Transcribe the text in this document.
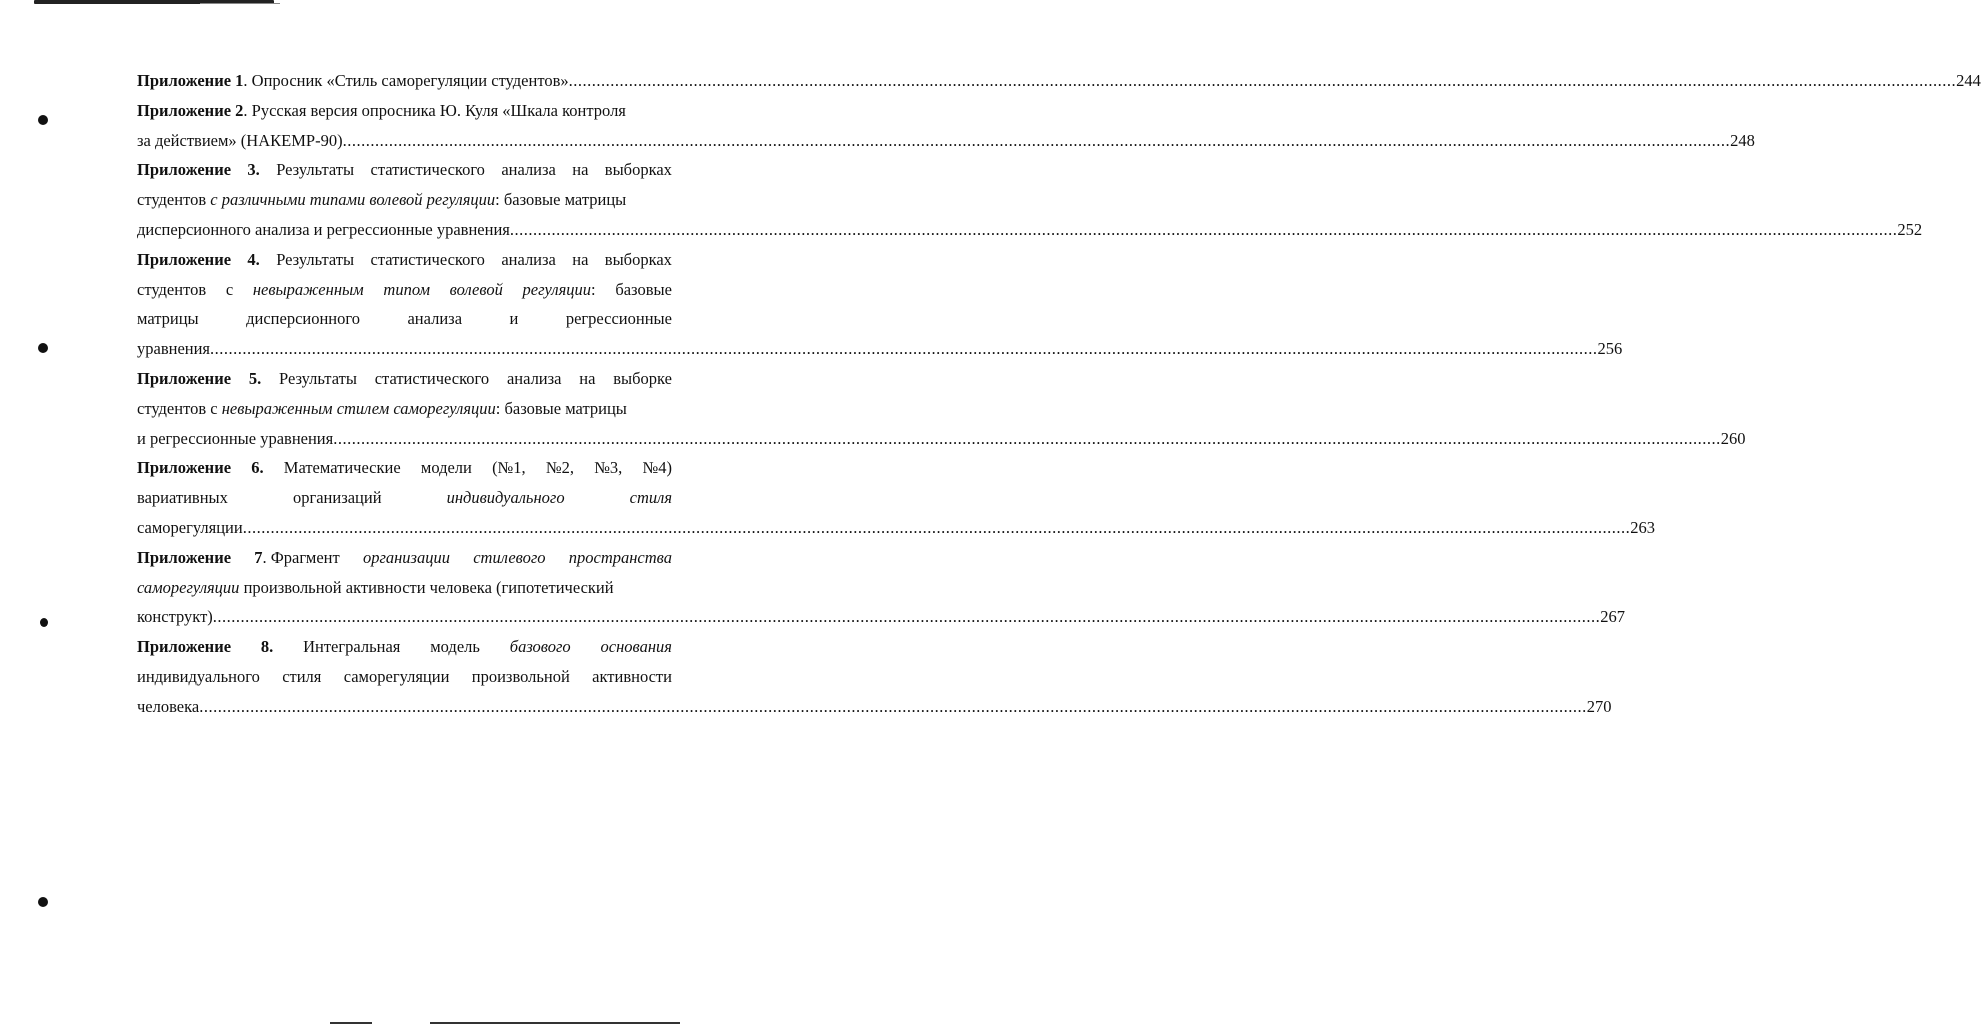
Приложение 1. Опросник «Стиль саморегуляции студентов» ............................................................................................................................................................................................................................................................................................................ 244
Приложение 2. Русская версия опросника Ю. Куля «Шкала контроля
за действием» (НАКЕМР-90) ............................................................................................................................................................................................................................................................................................................ 248
Приложение 3. Результаты статистического анализа на выборках
студентов с различными типами волевой регуляции: базовые матрицы
дисперсионного анализа и регрессионные уравнения ............................................................................................................................................................................................................................................................................................................ 252
Приложение 4. Результаты статистического анализа на выборках
студентов с невыраженным типом волевой регуляции: базовые
матрицы	дисперсионного	анализа	и	регрессионные
уравнения ............................................................................................................................................................................................................................................................................................................ 256
Приложение 5. Результаты статистического анализа на выборке
студентов с невыраженным стилем саморегуляции: базовые матрицы
и регрессионные уравнения ............................................................................................................................................................................................................................................................................................................ 260
Приложение 6. Математические модели (№1, №2, №3, №4)
вариативных	организаций	индивидуального	стиля
саморегуляции ............................................................................................................................................................................................................................................................................................................ 263
Приложение 7. Фрагмент организации стилевого пространства
саморегуляции произвольной активности человека (гипотетический
конструкт) ............................................................................................................................................................................................................................................................................................................ 267
Приложение 8. Интегральная модель базового основания
индивидуального стиля саморегуляции произвольной активности
человека ............................................................................................................................................................................................................................................................................................................ 270
